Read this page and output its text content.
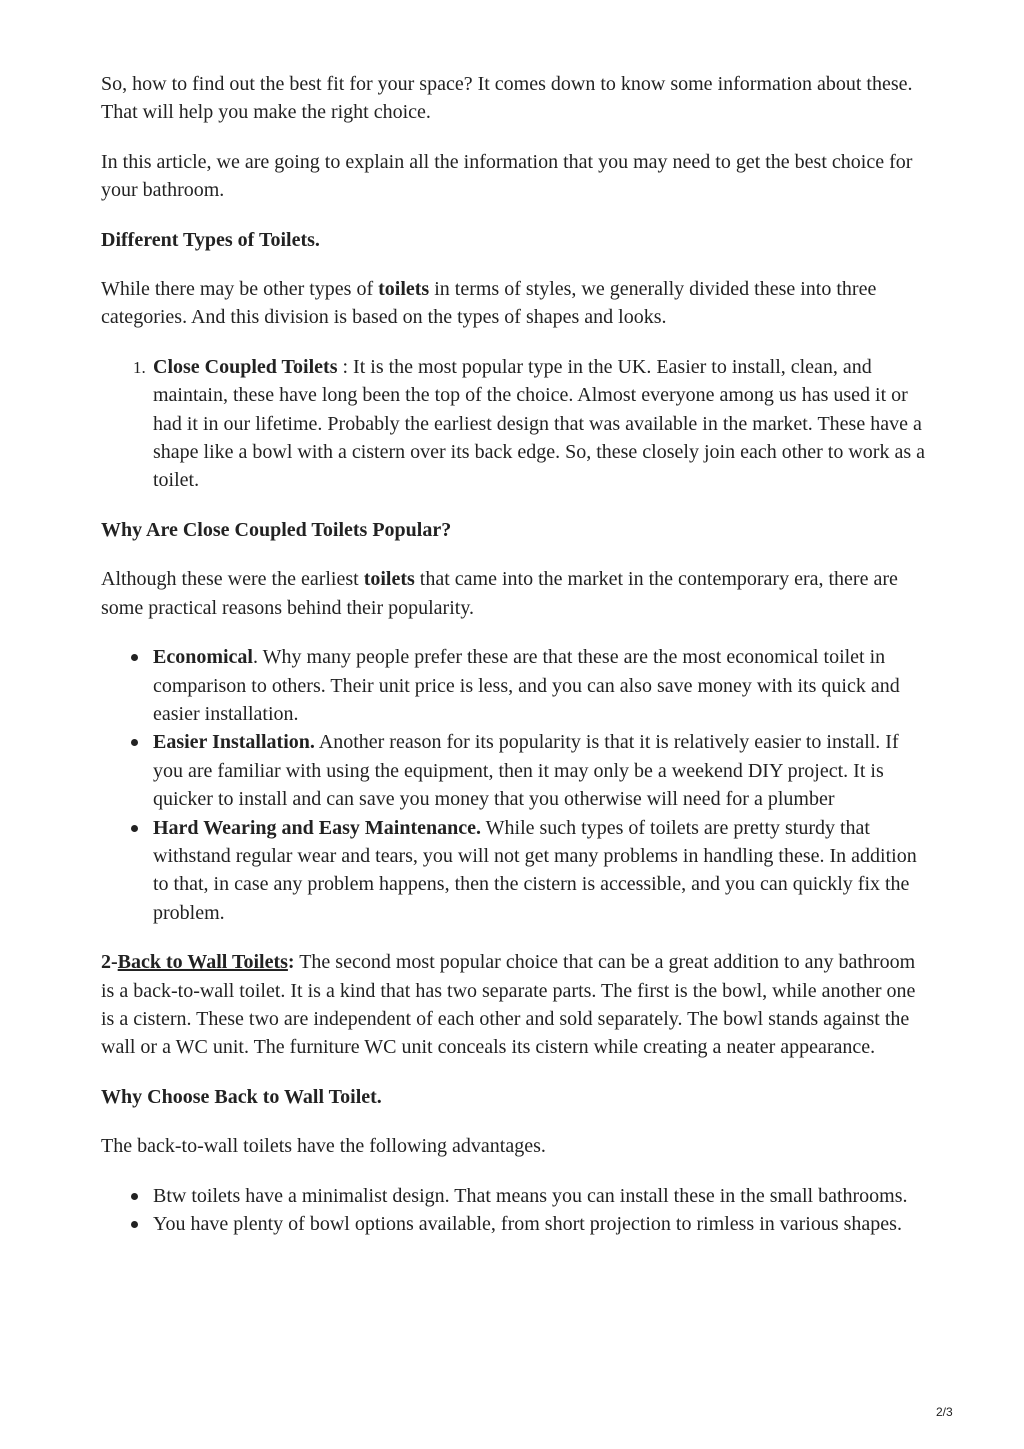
So, how to find out the best fit for your space? It comes down to know some information about these. That will help you make the right choice.

In this article, we are going to explain all the information that you may need to get the best choice for your bathroom.

Different Types of Toilets.

While there may be other types of toilets in terms of styles, we generally divided these into three categories. And this division is based on the types of shapes and looks.

1. Close Coupled Toilets : It is the most popular type in the UK. Easier to install, clean, and maintain, these have long been the top of the choice. Almost everyone among us has used it or had it in our lifetime. Probably the earliest design that was available in the market. These have a shape like a bowl with a cistern over its back edge. So, these closely join each other to work as a toilet.
Why Are Close Coupled Toilets Popular?

Although these were the earliest toilets that came into the market in the contemporary era, there are some practical reasons behind their popularity.

Economical. Why many people prefer these are that these are the most economical toilet in comparison to others. Their unit price is less, and you can also save money with its quick and easier installation.
Easier Installation. Another reason for its popularity is that it is relatively easier to install. If you are familiar with using the equipment, then it may only be a weekend DIY project. It is quicker to install and can save you money that you otherwise will need for a plumber
Hard Wearing and Easy Maintenance. While such types of toilets are pretty sturdy that withstand regular wear and tears, you will not get many problems in handling these. In addition to that, in case any problem happens, then the cistern is accessible, and you can quickly fix the problem.

2-Back to Wall Toilets: The second most popular choice that can be a great addition to any bathroom is a back-to-wall toilet. It is a kind that has two separate parts. The first is the bowl, while another one is a cistern. These two are independent of each other and sold separately. The bowl stands against the wall or a WC unit. The furniture WC unit conceals its cistern while creating a neater appearance.

Why Choose Back to Wall Toilet.

The back-to-wall toilets have the following advantages.

Btw toilets have a minimalist design. That means you can install these in the small bathrooms.
You have plenty of bowl options available, from short projection to rimless in various shapes.
2/3
